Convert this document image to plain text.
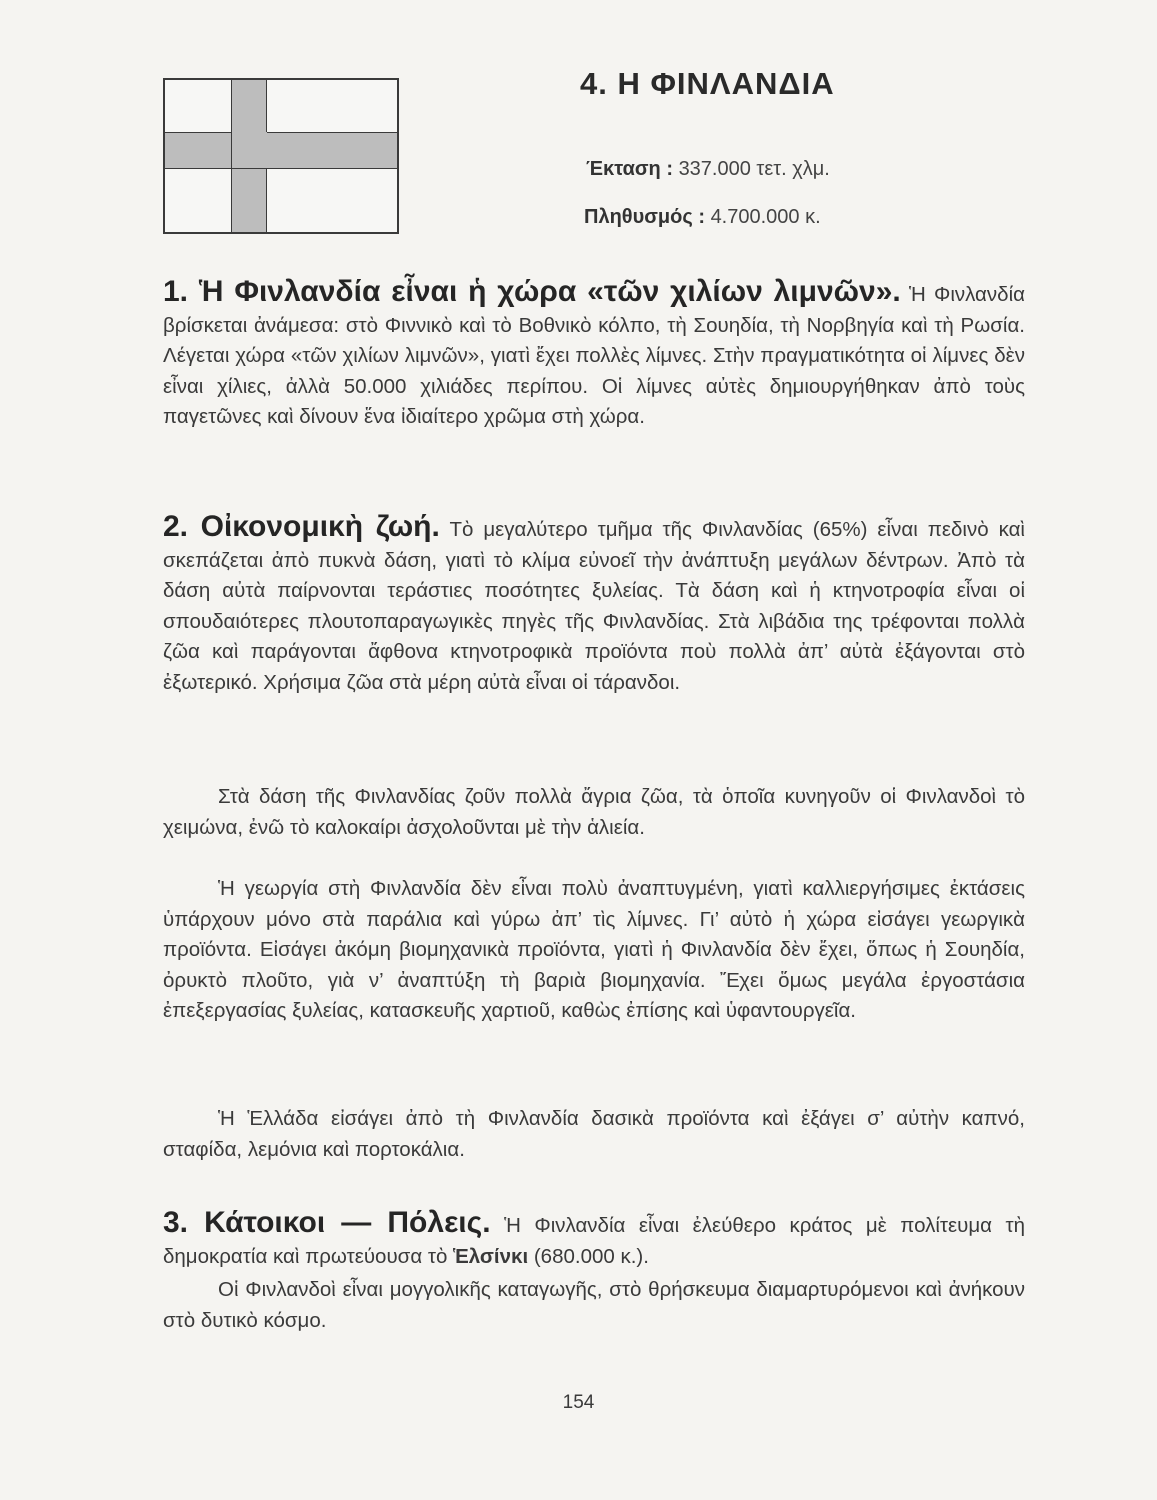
4. Η ΦΙΝΛΑΝΔΙΑ
Έκταση : 337.000 τετ. χλμ.
Πληθυσμός : 4.700.000 κ.

1. Ἡ Φινλανδία εἶναι ἡ χώρα «τῶν χιλίων λιμνῶν». Ἡ Φινλανδία βρίσκεται ἀνάμεσα: στὸ Φιννικὸ καὶ τὸ Βοθνικὸ κόλπο, τὴ Σουηδία, τὴ Νορβηγία καὶ τὴ Ρωσία. Λέγεται χώρα «τῶν χιλίων λιμνῶν», γιατὶ ἔχει πολλὲς λίμνες. Στὴν πραγματικότητα οἱ λίμνες δὲν εἶναι χίλιες, ἀλλὰ 50.000 χιλιάδες περίπου. Οἱ λίμνες αὐτὲς δημιουργήθηκαν ἀπὸ τοὺς παγετῶνες καὶ δίνουν ἕνα ἰδιαίτερο χρῶμα στὴ χώρα.

2. Οἰκονομικὴ ζωή. Τὸ μεγαλύτερο τμῆμα τῆς Φινλανδίας (65%) εἶναι πεδινὸ καὶ σκεπάζεται ἀπὸ πυκνὰ δάση, γιατὶ τὸ κλίμα εὐνοεῖ τὴν ἀνάπτυξη μεγάλων δέντρων. Ἀπὸ τὰ δάση αὐτὰ παίρνονται τεράστιες ποσότητες ξυλείας. Τὰ δάση καὶ ἡ κτηνοτροφία εἶναι οἱ σπουδαιότερες πλουτοπαραγωγικὲς πηγὲς τῆς Φινλανδίας. Στὰ λιβάδια της τρέφονται πολλὰ ζῶα καὶ παράγονται ἄφθονα κτηνοτροφικὰ προϊόντα ποὺ πολλὰ ἀπ’ αὐτὰ ἐξάγονται στὸ ἐξωτερικό. Χρήσιμα ζῶα στὰ μέρη αὐτὰ εἶναι οἱ τάρανδοι.

Στὰ δάση τῆς Φινλανδίας ζοῦν πολλὰ ἄγρια ζῶα, τὰ ὁποῖα κυνηγοῦν οἱ Φινλανδοὶ τὸ χειμώνα, ἐνῶ τὸ καλοκαίρι ἀσχολοῦνται μὲ τὴν ἁλιεία.

Ἡ γεωργία στὴ Φινλανδία δὲν εἶναι πολὺ ἀναπτυγμένη, γιατὶ καλλιεργήσιμες ἐκτάσεις ὑπάρχουν μόνο στὰ παράλια καὶ γύρω ἀπ’ τὶς λίμνες. Γι’ αὐτὸ ἡ χώρα εἰσάγει γεωργικὰ προϊόντα. Εἰσάγει ἀκόμη βιομηχανικὰ προϊόντα, γιατὶ ἡ Φινλανδία δὲν ἔχει, ὅπως ἡ Σουηδία, ὀρυκτὸ πλοῦτο, γιὰ ν’ ἀναπτύξη τὴ βαριὰ βιομηχανία. Ἔχει ὅμως μεγάλα ἐργοστάσια ἐπεξεργασίας ξυλείας, κατασκευῆς χαρτιοῦ, καθὼς ἐπίσης καὶ ὑφαντουργεῖα.

Ἡ Ἑλλάδα εἰσάγει ἀπὸ τὴ Φινλανδία δασικὰ προϊόντα καὶ ἐξάγει σ’ αὐτὴν καπνό, σταφίδα, λεμόνια καὶ πορτοκάλια.

3. Κάτοικοι — Πόλεις. Ἡ Φινλανδία εἶναι ἐλεύθερο κράτος μὲ πολίτευμα τὴ δημοκρατία καὶ πρωτεύουσα τὸ Ἑλσίνκι (680.000 κ.).

Οἱ Φινλανδοὶ εἶναι μογγολικῆς καταγωγῆς, στὸ θρήσκευμα διαμαρτυρόμενοι καὶ ἀνήκουν στὸ δυτικὸ κόσμο.

154
